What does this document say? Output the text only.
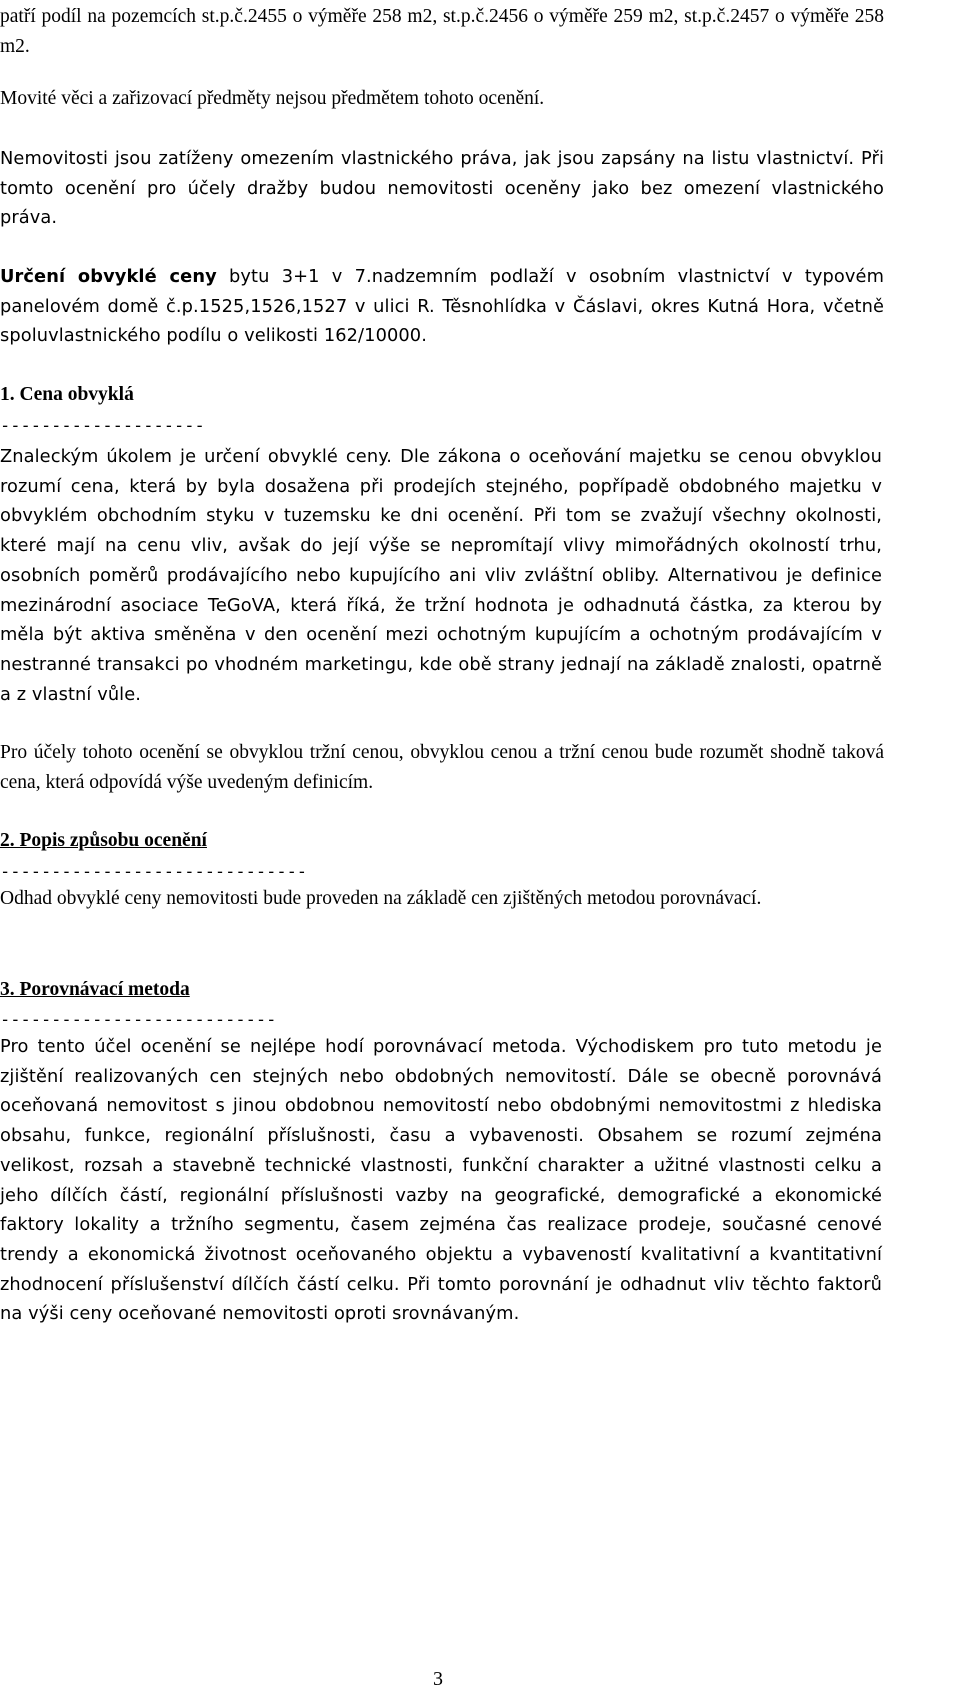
patří podíl na pozemcích st.p.č.2455 o výměře 258 m2, st.p.č.2456 o výměře 259 m2, st.p.č.2457 o výměře 258 m2.

Movité věci a zařizovací předměty nejsou předmětem tohoto ocenění.

Nemovitosti jsou zatíženy omezením vlastnického práva, jak jsou zapsány na listu vlastnictví. Při tomto ocenění pro účely dražby budou nemovitosti oceněny jako bez omezení vlastnického práva.

Určení obvyklé ceny bytu 3+1 v 7.nadzemním podlaží v osobním vlastnictví v typovém panelovém domě č.p.1525,1526,1527 v ulici R. Těsnohlídka v Čáslavi, okres Kutná Hora, včetně spoluvlastnického podílu o velikosti 162/10000.

1. Cena obvyklá

--------------------

Znaleckým úkolem je určení obvyklé ceny. Dle zákona o oceňování majetku se cenou obvyklou rozumí cena, která by byla dosažena při prodejích stejného, popřípadě obdobného majetku v obvyklém obchodním styku v tuzemsku ke dni ocenění. Při tom se zvažují všechny okolnosti, které mají na cenu vliv, avšak do její výše se nepromítají vlivy mimořádných okolností trhu, osobních poměrů prodávajícího nebo kupujícího ani vliv zvláštní obliby. Alternativou je definice mezinárodní asociace TeGoVA, která říká, že tržní hodnota je odhadnutá částka, za kterou by měla být aktiva směněna v den ocenění mezi ochotným kupujícím a ochotným prodávajícím v nestranné transakci po vhodném marketingu, kde obě strany jednají na základě znalosti, opatrně a z vlastní vůle.

Pro účely tohoto ocenění se obvyklou tržní cenou, obvyklou cenou a tržní cenou bude rozumět shodně taková cena, která odpovídá výše uvedeným definicím.

2. Popis způsobu ocenění

------------------------------

Odhad obvyklé ceny nemovitosti bude proveden na základě cen zjištěných metodou porovnávací.

3. Porovnávací metoda

---------------------------

Pro tento účel ocenění se nejlépe hodí porovnávací metoda. Východiskem pro tuto metodu je zjištění realizovaných cen stejných nebo obdobných nemovitostí. Dále se obecně porovnává oceňovaná nemovitost s jinou obdobnou nemovitostí nebo obdobnými nemovitostmi z hlediska obsahu, funkce, regionální příslušnosti, času a vybavenosti. Obsahem se rozumí zejména velikost, rozsah a stavebně technické vlastnosti, funkční charakter a užitné vlastnosti celku a jeho dílčích částí, regionální příslušnosti vazby na geografické, demografické a ekonomické faktory lokality a tržního segmentu, časem zejména čas realizace prodeje, současné cenové trendy a ekonomická životnost oceňovaného objektu a vybaveností kvalitativní a kvantitativní zhodnocení příslušenství dílčích částí celku. Při tomto porovnání je odhadnut vliv těchto faktorů na výši ceny oceňované nemovitosti oproti srovnávaným.

3
